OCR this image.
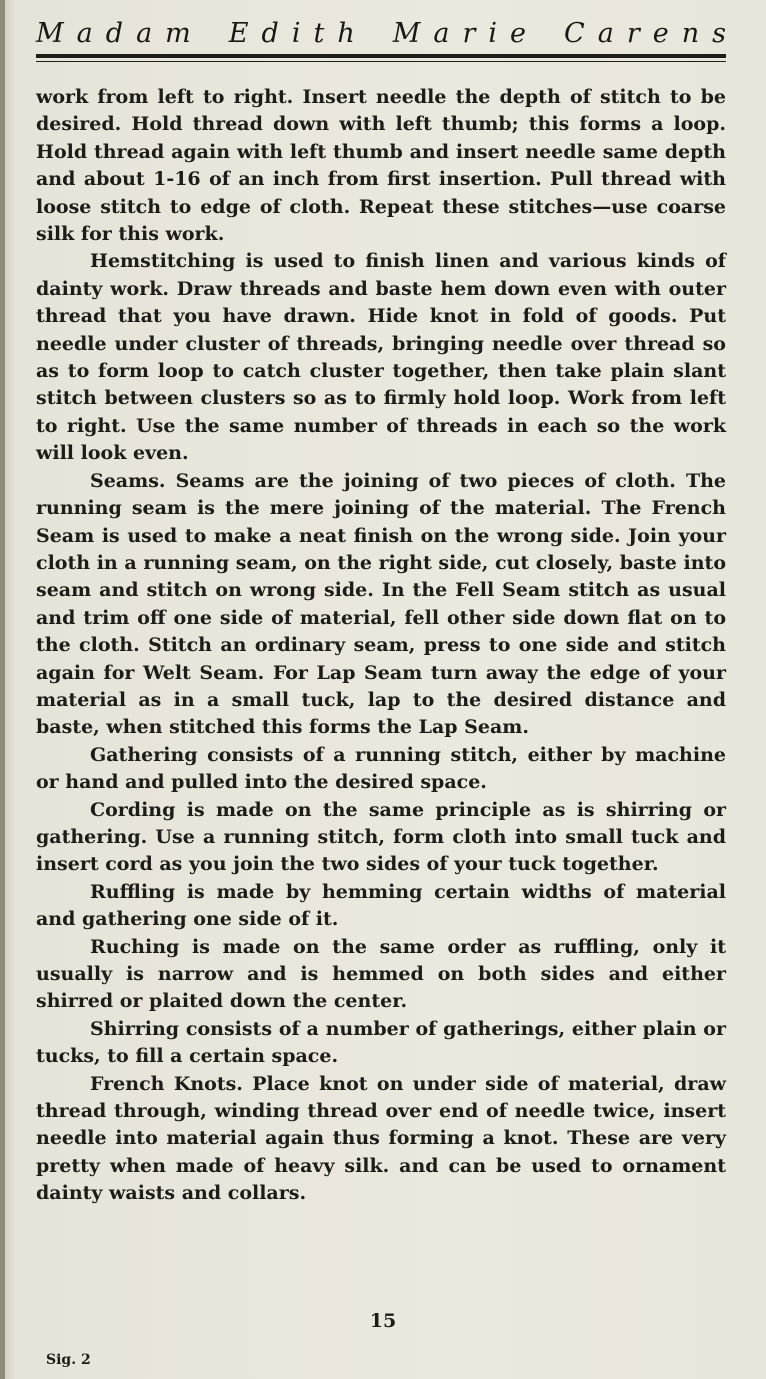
M a d a m E d i t h M a r i e C a r e n s

work from left to right. Insert needle the depth of stitch to be desired. Hold thread down with left thumb; this forms a loop. Hold thread again with left thumb and insert needle same depth and about 1-16 of an inch from first insertion. Pull thread with loose stitch to edge of cloth. Repeat these stitches—use coarse silk for this work.

Hemstitching is used to finish linen and various kinds of dainty work. Draw threads and baste hem down even with outer thread that you have drawn. Hide knot in fold of goods. Put needle under cluster of threads, bringing needle over thread so as to form loop to catch cluster together, then take plain slant stitch between clusters so as to firmly hold loop. Work from left to right. Use the same number of threads in each so the work will look even.

Seams. Seams are the joining of two pieces of cloth. The running seam is the mere joining of the material. The French Seam is used to make a neat finish on the wrong side. Join your cloth in a running seam, on the right side, cut closely, baste into seam and stitch on wrong side. In the Fell Seam stitch as usual and trim off one side of material, fell other side down flat on to the cloth. Stitch an ordinary seam, press to one side and stitch again for Welt Seam. For Lap Seam turn away the edge of your material as in a small tuck, lap to the desired distance and baste, when stitched this forms the Lap Seam.

Gathering consists of a running stitch, either by machine or hand and pulled into the desired space.

Cording is made on the same principle as is shirring or gathering. Use a running stitch, form cloth into small tuck and insert cord as you join the two sides of your tuck together.

Ruffling is made by hemming certain widths of material and gathering one side of it.

Ruching is made on the same order as ruffling, only it usually is narrow and is hemmed on both sides and either shirred or plaited down the center.

Shirring consists of a number of gatherings, either plain or tucks, to fill a certain space.

French Knots. Place knot on under side of material, draw thread through, winding thread over end of needle twice, insert needle into material again thus forming a knot. These are very pretty when made of heavy silk. and can be used to ornament dainty waists and collars.

15
Sig. 2
